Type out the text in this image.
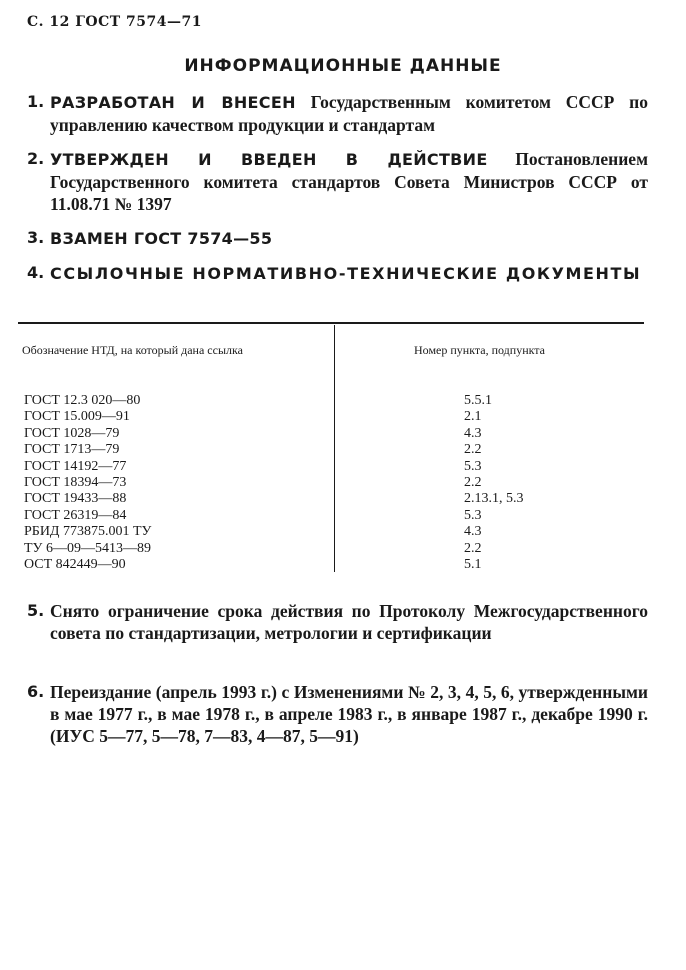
С. 12 ГОСТ 7574—71
ИНФОРМАЦИОННЫЕ ДАННЫЕ
1. РАЗРАБОТАН И ВНЕСЕН Государственным комитетом СССР по управлению качеством продукции и стандартам
2. УТВЕРЖДЕН И ВВЕДЕН В ДЕЙСТВИЕ Постановлением Государственного комитета стандартов Совета Министров СССР от 11.08.71 № 1397
3. ВЗАМЕН ГОСТ 7574—55
4. ССЫЛОЧНЫЕ НОРМАТИВНО-ТЕХНИЧЕСКИЕ ДОКУМЕНТЫ
Обозначение НТД, на который дана ссылка	Номер пункта, подпункта
ГОСТ 12.3 020—80	5.5.1
ГОСТ 15.009—91	2.1
ГОСТ 1028—79	4.3
ГОСТ 1713—79	2.2
ГОСТ 14192—77	5.3
ГОСТ 18394—73	2.2
ГОСТ 19433—88	2.13.1, 5.3
ГОСТ 26319—84	5.3
РБИД 773875.001 ТУ	4.3
ТУ 6—09—5413—89	2.2
ОСТ 842449—90	5.1
5. Снято ограничение срока действия по Протоколу Межгосударственного совета по стандартизации, метрологии и сертификации
6. Переиздание (апрель 1993 г.) с Изменениями № 2, 3, 4, 5, 6, утвержденными в мае 1977 г., в мае 1978 г., в апреле 1983 г., в январе 1987 г., декабре 1990 г. (ИУС 5—77, 5—78, 7—83, 4—87, 5—91)
